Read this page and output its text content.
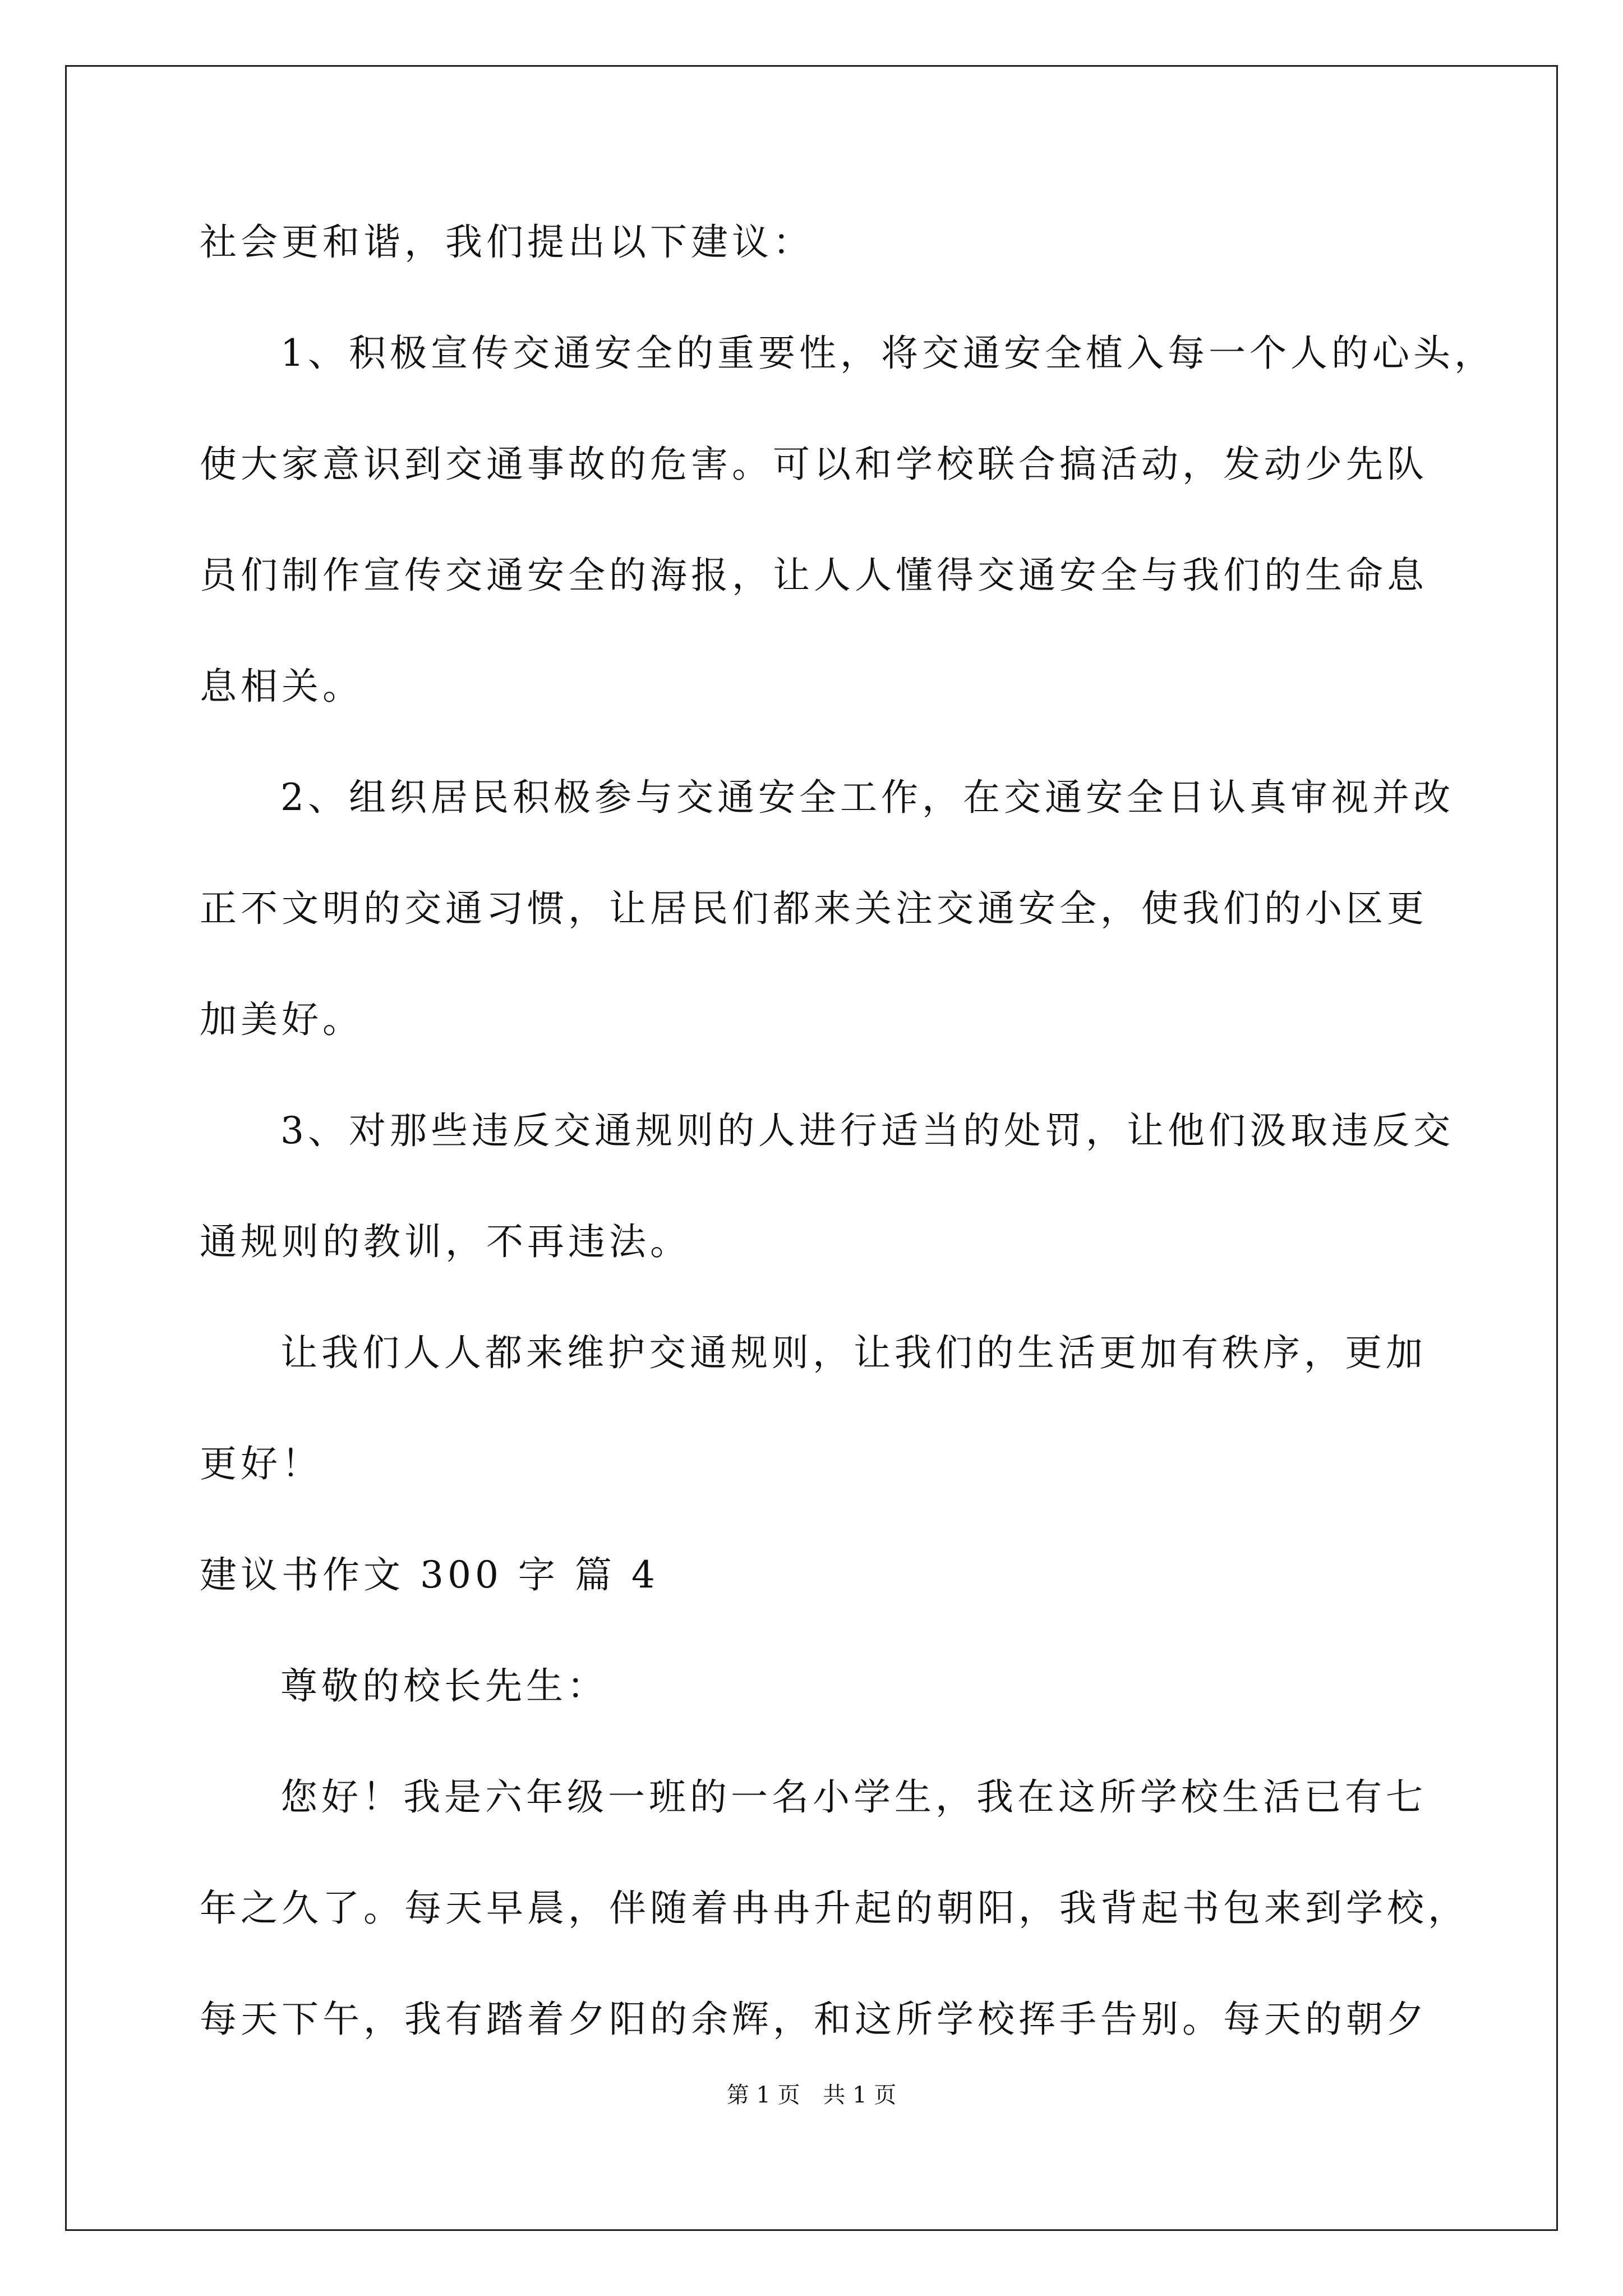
社会更和谐，我们提出以下建议：
1、积极宣传交通安全的重要性，将交通安全植入每一个人的心头，
使大家意识到交通事故的危害。可以和学校联合搞活动，发动少先队
员们制作宣传交通安全的海报，让人人懂得交通安全与我们的生命息
息相关。
2、组织居民积极参与交通安全工作，在交通安全日认真审视并改
正不文明的交通习惯，让居民们都来关注交通安全，使我们的小区更
加美好。
3、对那些违反交通规则的人进行适当的处罚，让他们汲取违反交
通规则的教训，不再违法。
让我们人人都来维护交通规则，让我们的生活更加有秩序，更加
更好！
建议书作文 300 字 篇 4
尊敬的校长先生：
您好！我是六年级一班的一名小学生，我在这所学校生活已有七
年之久了。每天早晨，伴随着冉冉升起的朝阳，我背起书包来到学校，
每天下午，我有踏着夕阳的余辉，和这所学校挥手告别。每天的朝夕
第 1 页 共 1 页
